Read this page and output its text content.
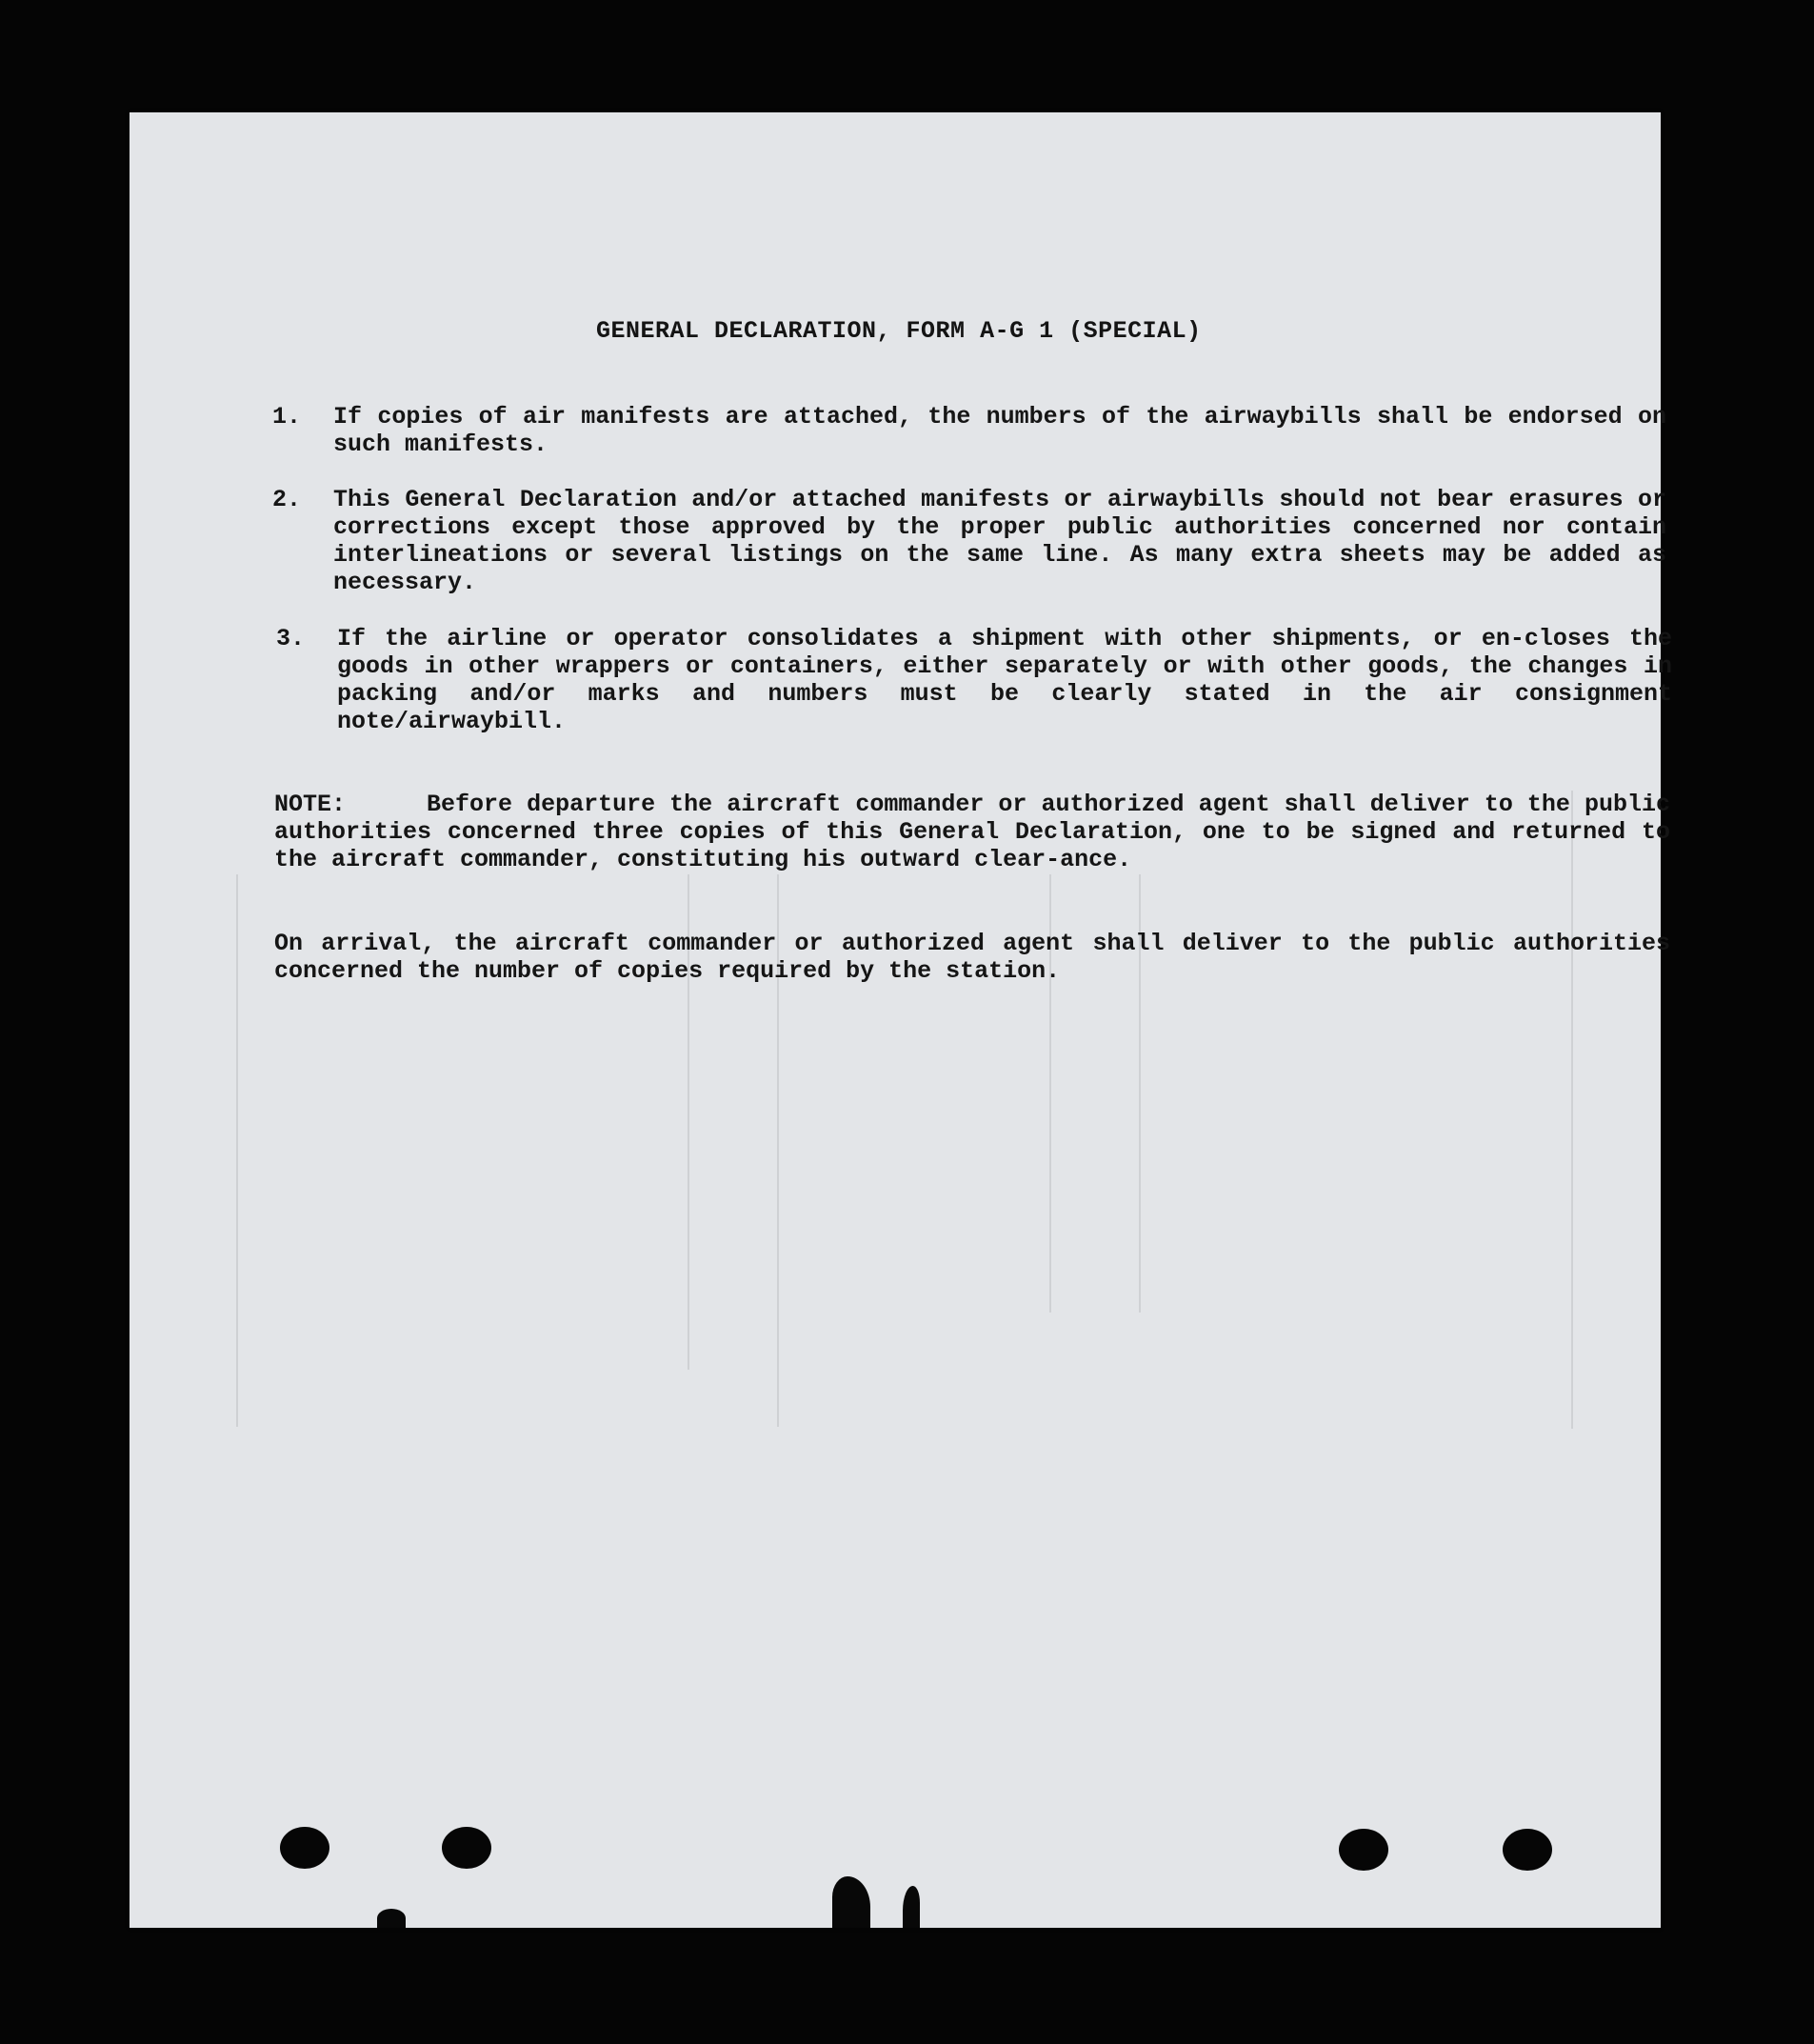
GENERAL DECLARATION, FORM A-G 1 (SPECIAL)
1. If copies of air manifests are attached, the numbers of the airwaybills shall be endorsed on such manifests.
2. This General Declaration and/or attached manifests or airwaybills should not bear erasures or corrections except those approved by the proper public authorities concerned nor contain interlineations or several listings on the same line. As many extra sheets may be added as necessary.
3. If the airline or operator consolidates a shipment with other shipments, or en-closes the goods in other wrappers or containers, either separately or with other goods, the changes in packing and/or marks and numbers must be clearly stated in the air consignment note/airwaybill.
NOTE:	Before departure the aircraft commander or authorized agent shall deliver to the public authorities concerned three copies of this General Declaration, one to be signed and returned to the aircraft commander, constituting his outward clear-ance.
On arrival, the aircraft commander or authorized agent shall deliver to the public authorities concerned the number of copies required by the station.
